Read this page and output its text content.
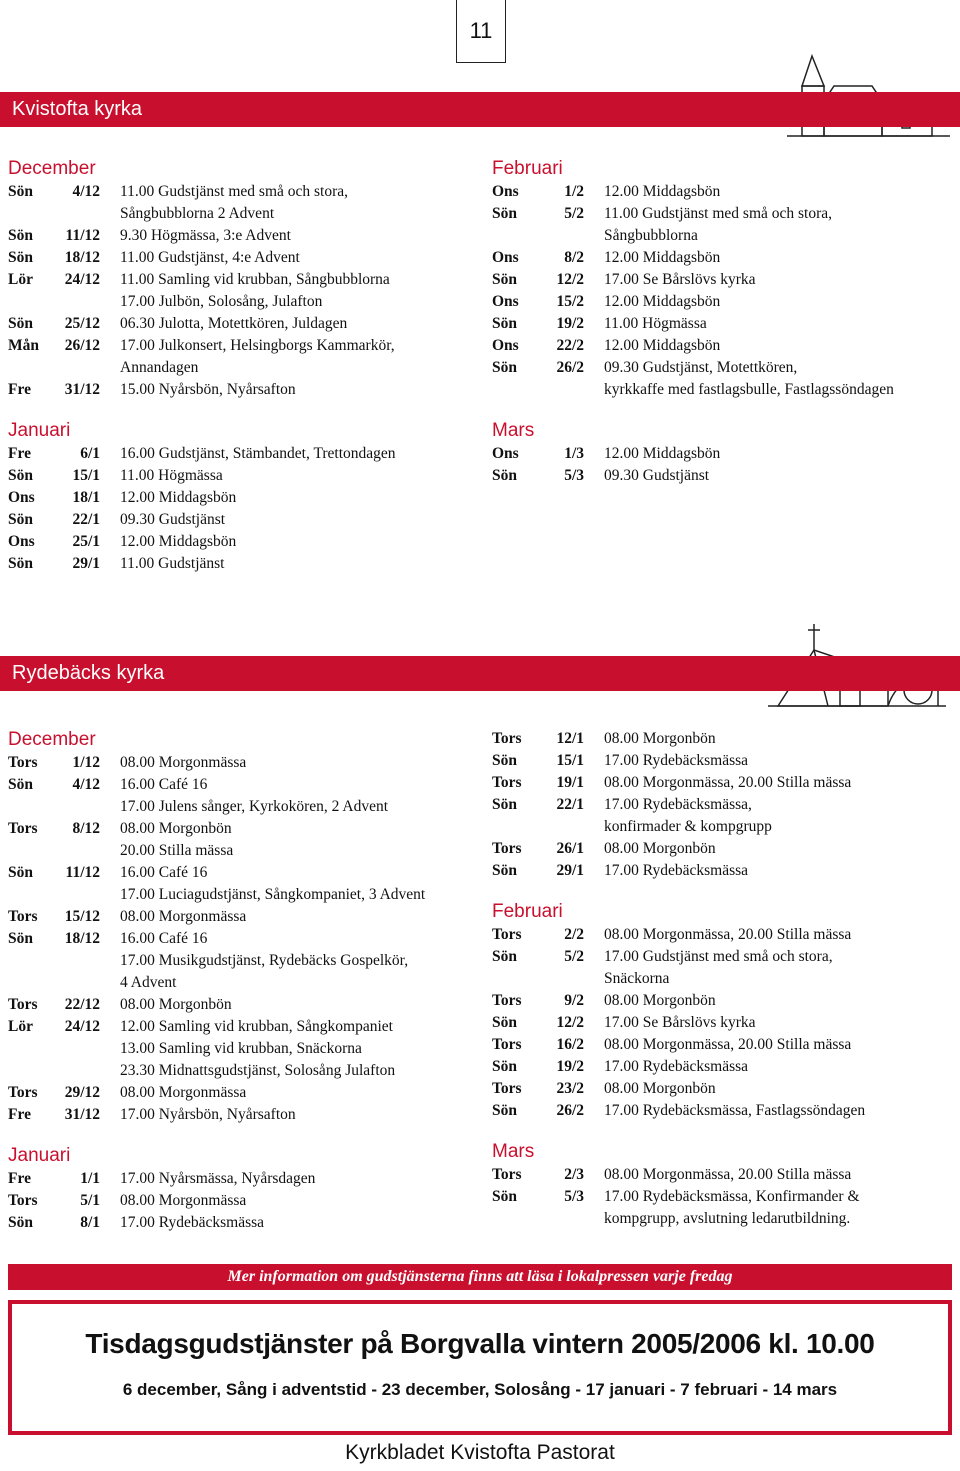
11
Kvistofta kyrka
December
Sön	4/12	11.00 Gudstjänst med små och stora,
Sångbubblorna 2 Advent
Sön	11/12	9.30 Högmässa, 3:e Advent
Sön	18/12	11.00 Gudstjänst, 4:e Advent
Lör	24/12	11.00 Samling vid krubban, Sångbubblorna
17.00 Julbön, Solosång, Julafton
Sön	25/12	06.30 Julotta, Motettkören, Juldagen
Mån	26/12	17.00 Julkonsert, Helsingborgs Kammarkör,
Annandagen
Fre	31/12	15.00 Nyårsbön, Nyårsafton
Januari
Fre	6/1	16.00 Gudstjänst, Stämbandet, Trettondagen
Sön	15/1	11.00 Högmässa
Ons	18/1	12.00 Middagsbön
Sön	22/1	09.30 Gudstjänst
Ons	25/1	12.00 Middagsbön
Sön	29/1	11.00 Gudstjänst
Februari
Ons	1/2	12.00 Middagsbön
Sön	5/2	11.00 Gudstjänst med små och stora,
Sångbubblorna
Ons	8/2	12.00 Middagsbön
Sön	12/2	17.00 Se Bårslövs kyrka
Ons	15/2	12.00 Middagsbön
Sön	19/2	11.00 Högmässa
Ons	22/2	12.00 Middagsbön
Sön	26/2	09.30 Gudstjänst, Motettkören,
kyrkkaffe med fastlagsbulle, Fastlagssöndagen
Mars
Ons	1/3	12.00 Middagsbön
Sön	5/3	09.30 Gudstjänst
Rydebäcks kyrka
December
Tors	1/12	08.00 Morgonmässa
Sön	4/12	16.00 Café 16
17.00 Julens sånger, Kyrkokören, 2 Advent
Tors	8/12	08.00 Morgonbön
20.00 Stilla mässa
Sön	11/12	16.00 Café 16
17.00 Luciagudstjänst, Sångkompaniet, 3 Advent
Tors	15/12	08.00 Morgonmässa
Sön	18/12	16.00 Café 16
17.00 Musikgudstjänst, Rydebäcks Gospelkör,
4 Advent
Tors	22/12	08.00 Morgonbön
Lör	24/12	12.00 Samling vid krubban, Sångkompaniet
13.00 Samling vid krubban, Snäckorna
23.30 Midnattsgudstjänst, Solosång Julafton
Tors	29/12	08.00 Morgonmässa
Fre	31/12	17.00 Nyårsbön, Nyårsafton
Januari
Fre	1/1	17.00 Nyårsmässa, Nyårsdagen
Tors	5/1	08.00 Morgonmässa
Sön	8/1	17.00 Rydebäcksmässa
Tors	12/1	08.00 Morgonbön
Sön	15/1	17.00 Rydebäcksmässa
Tors	19/1	08.00 Morgonmässa, 20.00 Stilla mässa
Sön	22/1	17.00 Rydebäcksmässa,
konfirmader & kompgrupp
Tors	26/1	08.00 Morgonbön
Sön	29/1	17.00 Rydebäcksmässa
Februari
Tors	2/2	08.00 Morgonmässa, 20.00 Stilla mässa
Sön	5/2	17.00 Gudstjänst med små och stora,
Snäckorna
Tors	9/2	08.00 Morgonbön
Sön	12/2	17.00 Se Bårslövs kyrka
Tors	16/2	08.00 Morgonmässa, 20.00 Stilla mässa
Sön	19/2	17.00 Rydebäcksmässa
Tors	23/2	08.00 Morgonbön
Sön	26/2	17.00 Rydebäcksmässa, Fastlagssöndagen
Mars
Tors	2/3	08.00 Morgonmässa, 20.00 Stilla mässa
Sön	5/3	17.00 Rydebäcksmässa, Konfirmander &
kompgrupp, avslutning ledarutbildning.
Mer information om gudstjänsterna finns att läsa i lokalpressen varje fredag
Tisdagsgudstjänster på Borgvalla vintern 2005/2006 kl. 10.00
6 december, Sång i adventstid - 23 december, Solosång - 17 januari - 7 februari - 14 mars
Kyrkbladet Kvistofta Pastorat
